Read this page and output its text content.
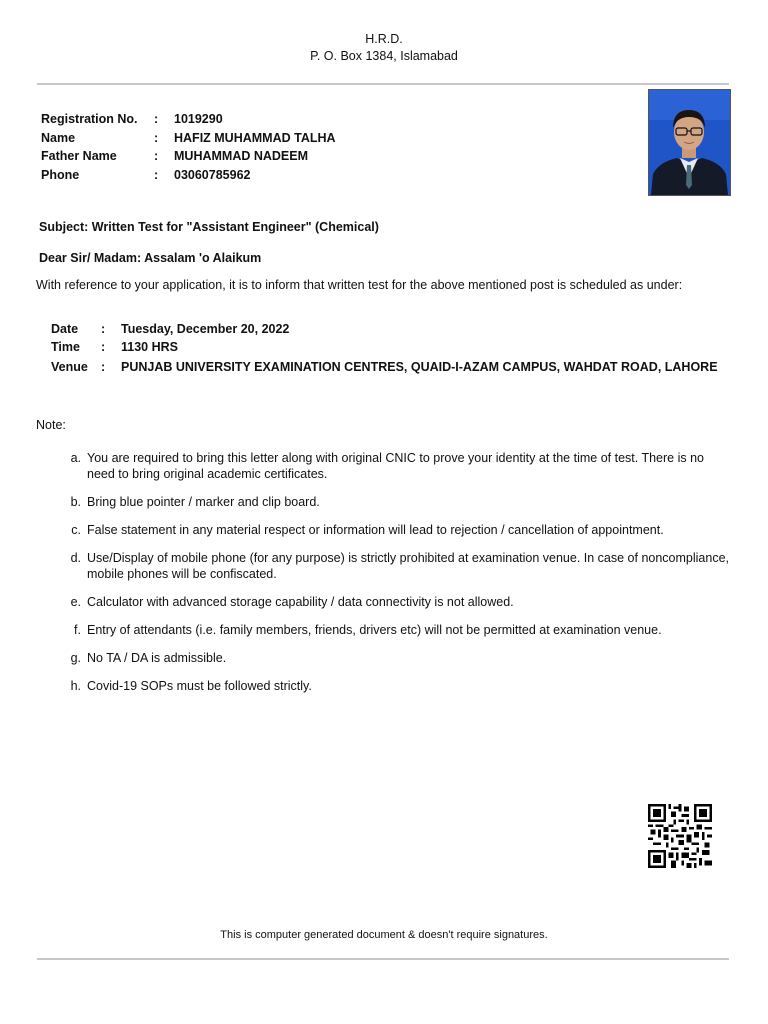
H.R.D.
P. O. Box 1384, Islamabad
Registration No.	:	1019290
Name	:	HAFIZ MUHAMMAD TALHA
Father Name	:	MUHAMMAD NADEEM
Phone	:	03060785962
Subject: Written Test for "Assistant Engineer" (Chemical)
Dear Sir/ Madam: Assalam 'o Alaikum
With reference to your application, it is to inform that written test for the above mentioned post is scheduled as under:
Date	:	Tuesday, December 20, 2022
Time	:	1130 HRS
Venue	:	PUNJAB UNIVERSITY EXAMINATION CENTRES, QUAID-I-AZAM CAMPUS, WAHDAT ROAD, LAHORE
Note:
a. You are required to bring this letter along with original CNIC to prove your identity at the time of test. There is no need to bring original academic certificates.
b. Bring blue pointer / marker and clip board.
c. False statement in any material respect or information will lead to rejection / cancellation of appointment.
d. Use/Display of mobile phone (for any purpose) is strictly prohibited at examination venue. In case of noncompliance, mobile phones will be confiscated.
e. Calculator with advanced storage capability / data connectivity is not allowed.
f. Entry of attendants (i.e. family members, friends, drivers etc) will not be permitted at examination venue.
g. No TA / DA is admissible.
h. Covid-19 SOPs must be followed strictly.
This is computer generated document & doesn't require signatures.
